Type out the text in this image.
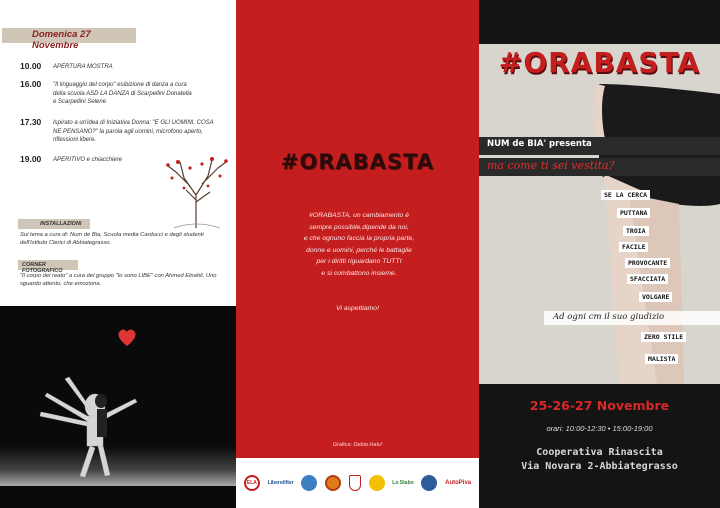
Domenica 27 Novembre
10.00 APERTURA MOSTRA
16.00 "Il linguaggio del corpo" esibizione di danza a cura della scuola ASD LA DANZA di Scarpellini Donatella e Scarpellini Selene
17.30 Ispirato a un'idea di Iniziativa Donna: "E GLI UOMINI, COSA NE PENSANO?" la parola agli uomini, microfono aperto, riflessioni libere.
19.00 APERITIVO e chiacchiere
INSTALLAZIONI
Sul tema a cura di: Num de Bia, Scuola media Carducci e degli studenti dell'Istituto Clerici di Abbiategrasso.
CORNER FOTOGRAFICO
"Il corpo del reato" a cura del gruppo "Io sono LIBE" con Ahmed Elnahli. Uno sguardo attento, che emoziona.
#ORABASTA
#ORABASTA, un cambiamento è
sempre possibile,dipende da noi,
e che ognuno faccia la propria parte,
donne e uomini, perché le battaglie
per i diritti riguardano TUTTI
e si combattono insieme.
Vi aspettiamo!
Grafica: Debia Halu!
ELA	Liberolifter	Lo Stabo	AutoPiva
#ORABASTA
NUM de BIA' presenta
ma come ti sei vestita?
SE LA CERCA
PUTTANA
TROIA
FACILE
PROVOCANTE
SFACCIATA
VOLGARE
ZERO STILE
MALISTA
Ad ogni cm il suo giudizio
25-26-27 Novembre
orari: 10:00-12:30 • 15:00-19:00
Cooperativa Rinascita
Via Novara 2-Abbiategrasso
